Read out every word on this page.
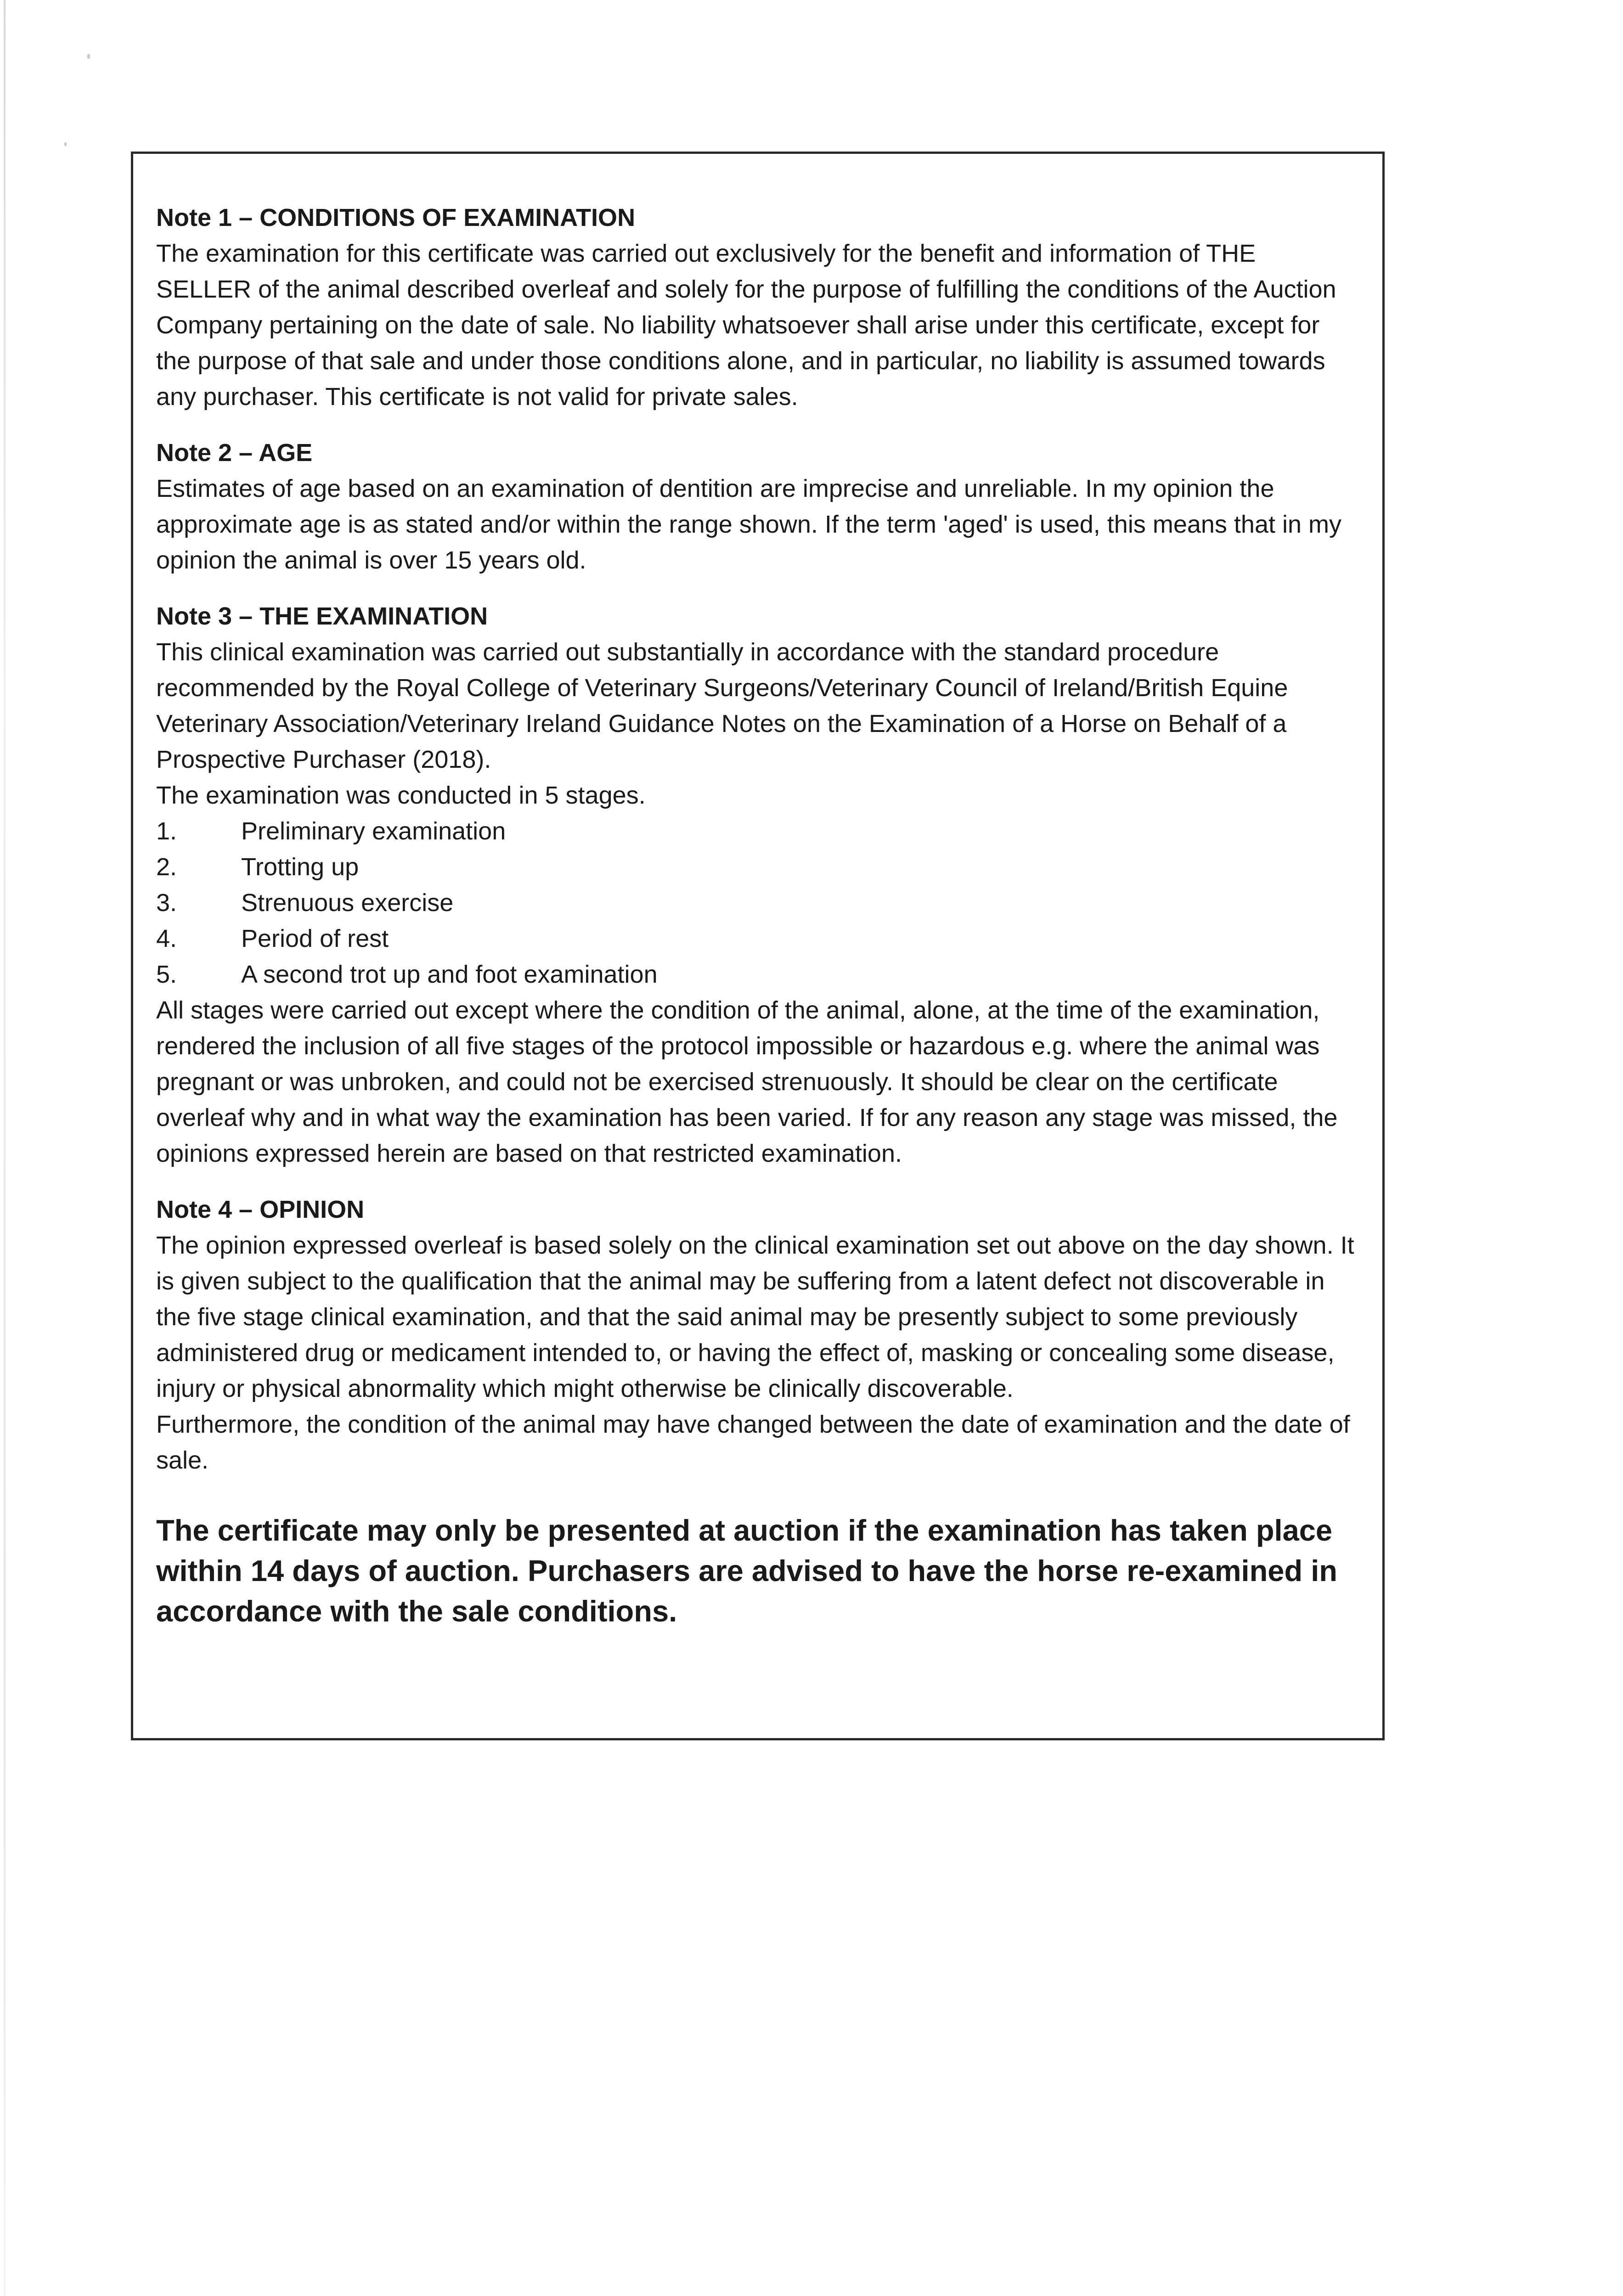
Note 1 – CONDITIONS OF EXAMINATION

The examination for this certificate was carried out exclusively for the benefit and information of THE SELLER of the animal described overleaf and solely for the purpose of fulfilling the conditions of the Auction Company pertaining on the date of sale. No liability whatsoever shall arise under this certificate, except for the purpose of that sale and under those conditions alone, and in particular, no liability is assumed towards any purchaser. This certificate is not valid for private sales.

Note 2 – AGE

Estimates of age based on an examination of dentition are imprecise and unreliable. In my opinion the approximate age is as stated and/or within the range shown. If the term 'aged' is used, this means that in my opinion the animal is over 15 years old.

Note 3 – THE EXAMINATION

This clinical examination was carried out substantially in accordance with the standard procedure recommended by the Royal College of Veterinary Surgeons/Veterinary Council of Ireland/British Equine Veterinary Association/Veterinary Ireland Guidance Notes on the Examination of a Horse on Behalf of a Prospective Purchaser (2018).

The examination was conducted in 5 stages.

1.	Preliminary examination
2.	Trotting up
3.	Strenuous exercise
4.	Period of rest
5.	A second trot up and foot examination

All stages were carried out except where the condition of the animal, alone, at the time of the examination, rendered the inclusion of all five stages of the protocol impossible or hazardous e.g. where the animal was pregnant or was unbroken, and could not be exercised strenuously. It should be clear on the certificate overleaf why and in what way the examination has been varied. If for any reason any stage was missed, the opinions expressed herein are based on that restricted examination.

Note 4 – OPINION

The opinion expressed overleaf is based solely on the clinical examination set out above on the day shown. It is given subject to the qualification that the animal may be suffering from a latent defect not discoverable in the five stage clinical examination, and that the said animal may be presently subject to some previously administered drug or medicament intended to, or having the effect of, masking or concealing some disease, injury or physical abnormality which might otherwise be clinically discoverable.

Furthermore, the condition of the animal may have changed between the date of examination and the date of sale.

The certificate may only be presented at auction if the examination has taken place within 14 days of auction. Purchasers are advised to have the horse re-examined in accordance with the sale conditions.
